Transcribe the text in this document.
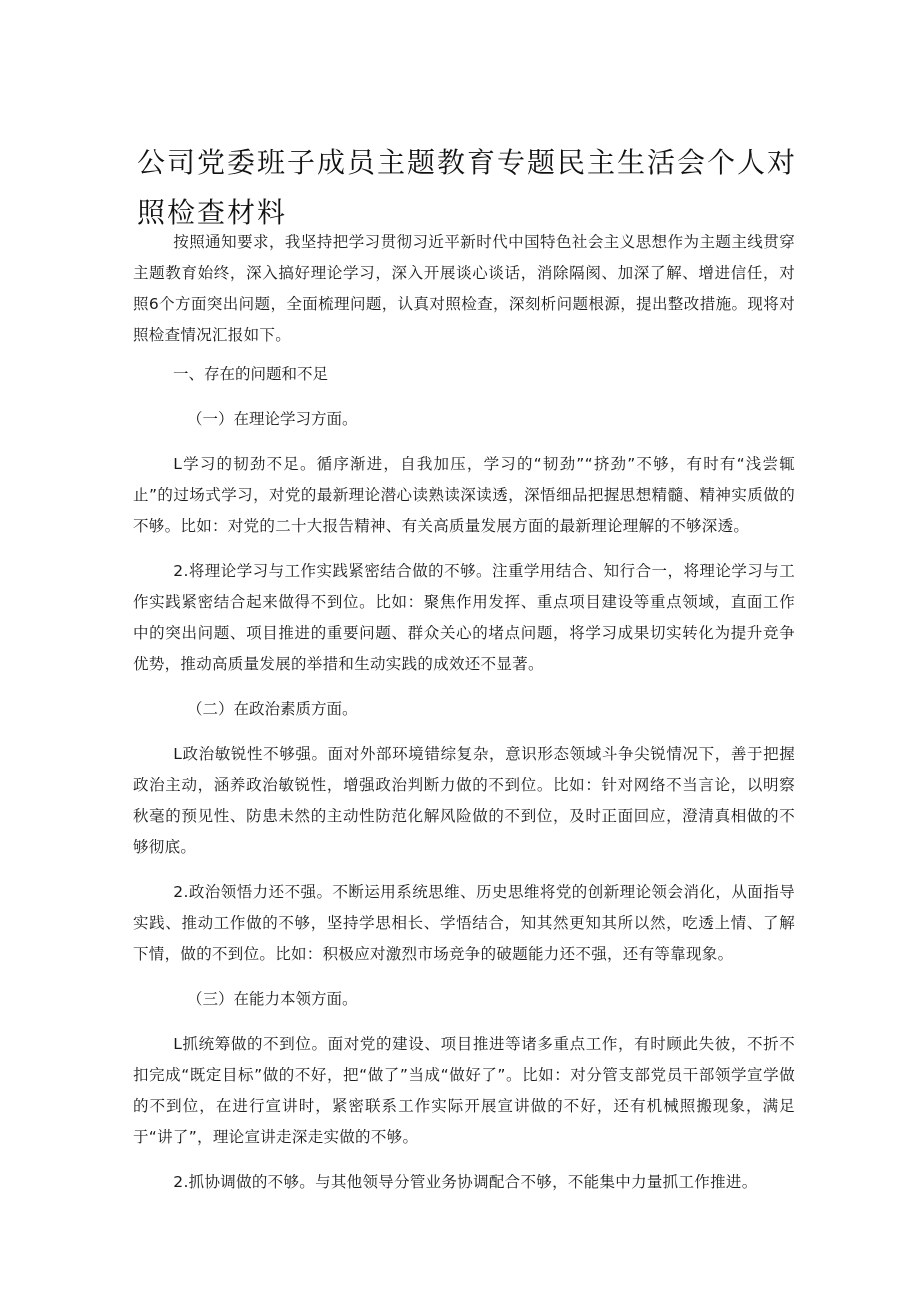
公司党委班子成员主题教育专题民主生活会个人对照检查材料

按照通知要求，我坚持把学习贯彻习近平新时代中国特色社会主义思想作为主题主线贯穿主题教育始终，深入搞好理论学习，深入开展谈心谈话，消除隔阂、加深了解、增进信任，对照6个方面突出问题，全面梳理问题，认真对照检查，深刻析问题根源，提出整改措施。现将对照检查情况汇报如下。

一、存在的问题和不足

（一）在理论学习方面。

L学习的韧劲不足。循序渐进，自我加压，学习的“韧劲”“挤劲”不够，有时有“浅尝辄止”的过场式学习，对党的最新理论潜心读熟读深读透，深悟细品把握思想精髓、精神实质做的不够。比如：对党的二十大报告精神、有关高质量发展方面的最新理论理解的不够深透。

2.将理论学习与工作实践紧密结合做的不够。注重学用结合、知行合一，将理论学习与工作实践紧密结合起来做得不到位。比如：聚焦作用发挥、重点项目建设等重点领域，直面工作中的突出问题、项目推进的重要问题、群众关心的堵点问题，将学习成果切实转化为提升竞争优势，推动高质量发展的举措和生动实践的成效还不显著。

（二）在政治素质方面。

L政治敏锐性不够强。面对外部环境错综复杂，意识形态领域斗争尖锐情况下，善于把握政治主动，涵养政治敏锐性，增强政治判断力做的不到位。比如：针对网络不当言论，以明察秋毫的预见性、防患未然的主动性防范化解风险做的不到位，及时正面回应，澄清真相做的不够彻底。

2.政治领悟力还不强。不断运用系统思维、历史思维将党的创新理论领会消化，从面指导实践、推动工作做的不够，坚持学思相长、学悟结合，知其然更知其所以然，吃透上情、了解下情，做的不到位。比如：积极应对激烈市场竞争的破题能力还不强，还有等靠现象。

（三）在能力本领方面。

L抓统筹做的不到位。面对党的建设、项目推进等诸多重点工作，有时顾此失彼，不折不扣完成“既定目标”做的不好，把“做了”当成“做好了”。比如：对分管支部党员干部领学宣学做的不到位，在进行宣讲时，紧密联系工作实际开展宣讲做的不好，还有机械照搬现象，满足于“讲了”，理论宣讲走深走实做的不够。

2.抓协调做的不够。与其他领导分管业务协调配合不够，不能集中力量抓工作推进。
